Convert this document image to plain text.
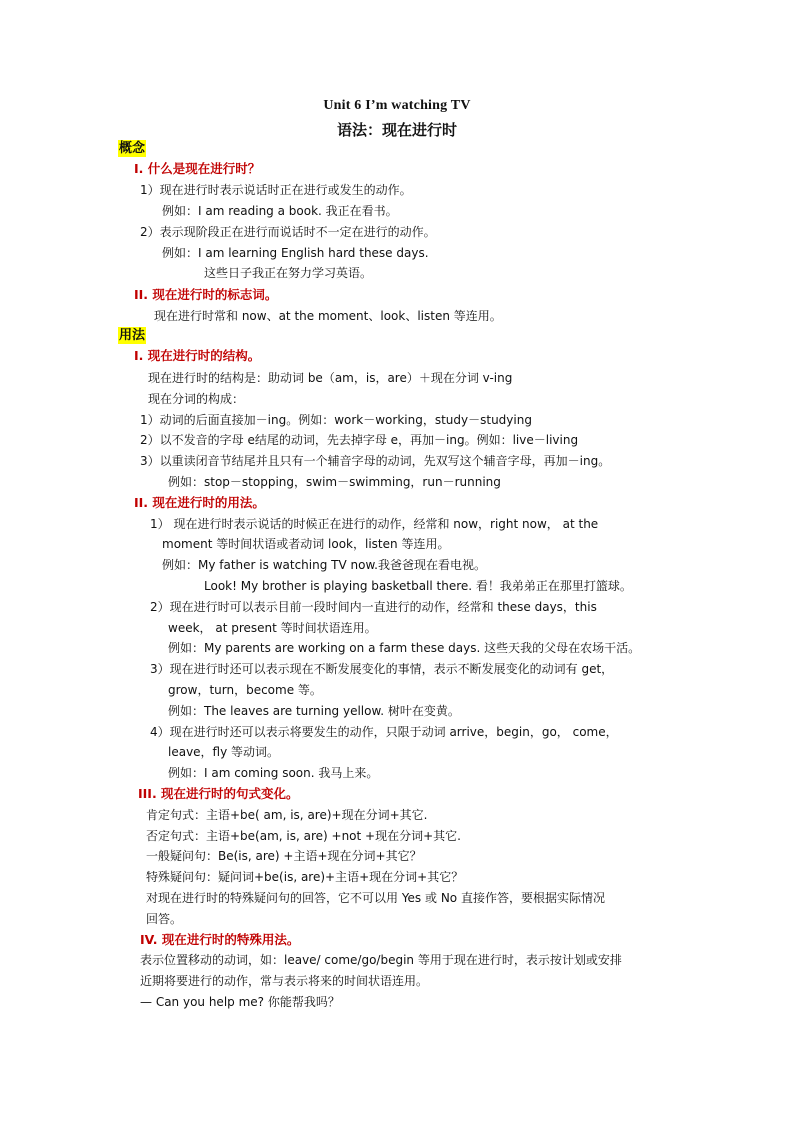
Unit 6 I’m watching TV
语法：现在进行时
概念
I. 什么是现在进行时？
1）现在进行时表示说话时正在进行或发生的动作。
例如：I am reading a book. 我正在看书。
2）表示现阶段正在进行而说话时不一定在进行的动作。
例如：I am learning English hard these days.
这些日子我正在努力学习英语。
II. 现在进行时的标志词。
现在进行时常和 now、at the moment、look、listen 等连用。
用法
I. 现在进行时的结构。
现在进行时的结构是：助动词 be（am，is，are）＋现在分词 v-ing
现在分词的构成：
1）动词的后面直接加－ing。例如：work－working，study－studying
2）以不发音的字母 e结尾的动词，先去掉字母 e，再加－ing。例如：live－living
3）以重读闭音节结尾并且只有一个辅音字母的动词，先双写这个辅音字母，再加－ing。
例如：stop－stopping，swim－swimming，run－running
II. 现在进行时的用法。
1） 现在进行时表示说话的时候正在进行的动作，经常和 now，right now， at the
moment 等时间状语或者动词 look，listen 等连用。
例如：My father is watching TV now.我爸爸现在看电视。
Look! My brother is playing basketball there. 看！我弟弟正在那里打篮球。
2）现在进行时可以表示目前一段时间内一直进行的动作，经常和 these days，this
week， at present 等时间状语连用。
例如：My parents are working on a farm these days. 这些天我的父母在农场干活。
3）现在进行时还可以表示现在不断发展变化的事情，表示不断发展变化的动词有 get，
grow，turn，become 等。
例如：The leaves are turning yellow. 树叶在变黄。
4）现在进行时还可以表示将要发生的动作，只限于动词 arrive，begin，go， come，
leave，fly 等动词。
例如：I am coming soon. 我马上来。
III. 现在进行时的句式变化。
肯定句式：主语+be( am, is, are)+现在分词+其它.
否定句式：主语+be(am, is, are) +not +现在分词+其它.
一般疑问句：Be(is, are) +主语+现在分词+其它？
特殊疑问句：疑问词+be(is, are)+主语+现在分词+其它？
对现在进行时的特殊疑问句的回答，它不可以用 Yes 或 No 直接作答，要根据实际情况
回答。
IV. 现在进行时的特殊用法。
表示位置移动的动词，如：leave/ come/go/begin 等用于现在进行时，表示按计划或安排
近期将要进行的动作，常与表示将来的时间状语连用。
— Can you help me? 你能帮我吗？
